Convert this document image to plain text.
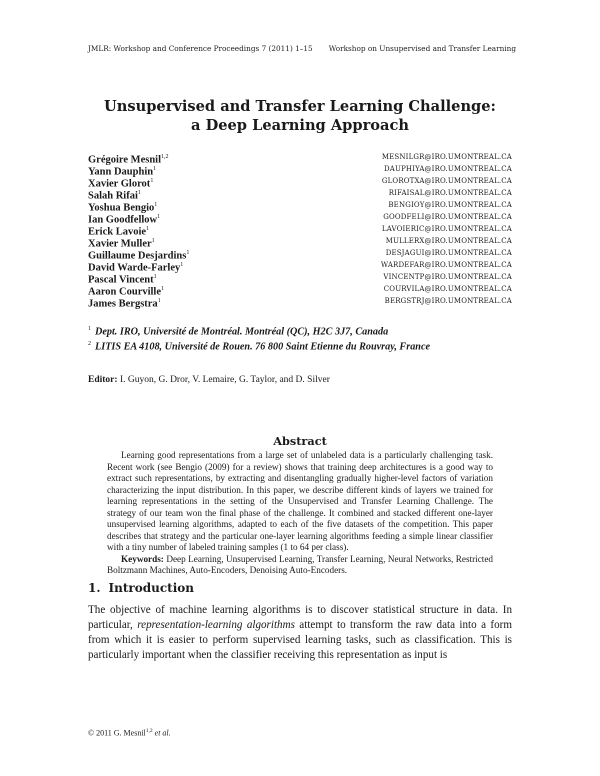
JMLR: Workshop and Conference Proceedings 7 (2011) 1–15 Workshop on Unsupervised and Transfer Learning
Unsupervised and Transfer Learning Challenge:
a Deep Learning Approach
Grégoire Mesnil$^{1,2}$	MESNILGR@IRO.UMONTREAL.CA
Yann Dauphin$^1$	DAUPHIYA@IRO.UMONTREAL.CA
Xavier Glorot$^1$	GLOROTXA@IRO.UMONTREAL.CA
Salah Rifai$^1$	RIFAISAL@IRO.UMONTREAL.CA
Yoshua Bengio$^1$	BENGIOY@IRO.UMONTREAL.CA
Ian Goodfellow$^1$	GOODFELI@IRO.UMONTREAL.CA
Erick Lavoie$^1$	LAVOIERIC@IRO.UMONTREAL.CA
Xavier Muller$^1$	MULLERX@IRO.UMONTREAL.CA
Guillaume Desjardins$^1$	DESJAGUI@IRO.UMONTREAL.CA
David Warde-Farley$^1$	WARDEFAR@IRO.UMONTREAL.CA
Pascal Vincent$^1$	VINCENTP@IRO.UMONTREAL.CA
Aaron Courville$^1$	COURVILA@IRO.UMONTREAL.CA
James Bergstra$^1$	BERGSTRJ@IRO.UMONTREAL.CA
$^1$ Dept. IRO, Université de Montréal. Montréal (QC), H2C 3J7, Canada
$^2$ LITIS EA 4108, Université de Rouen. 76 800 Saint Etienne du Rouvray, France
Editor: I. Guyon, G. Dror, V. Lemaire, G. Taylor, and D. Silver
Abstract

Learning good representations from a large set of unlabeled data is a particularly challenging task. Recent work (see Bengio (2009) for a review) shows that training deep architectures is a good way to extract such representations, by extracting and disentangling gradually higher-level factors of variation characterizing the input distribution. In this paper, we describe different kinds of layers we trained for learning representations in the setting of the Unsupervised and Transfer Learning Challenge. The strategy of our team won the final phase of the challenge. It combined and stacked different one-layer unsupervised learning algorithms, adapted to each of the five datasets of the competition. This paper describes that strategy and the particular one-layer learning algorithms feeding a simple linear classifier with a tiny number of labeled training samples (1 to 64 per class).

Keywords: Deep Learning, Unsupervised Learning, Transfer Learning, Neural Networks, Restricted Boltzmann Machines, Auto-Encoders, Denoising Auto-Encoders.

1. Introduction

The objective of machine learning algorithms is to discover statistical structure in data. In particular, representation-learning algorithms attempt to transform the raw data into a form from which it is easier to perform supervised learning tasks, such as classification. This is particularly important when the classifier receiving this representation as input is

© 2011 G. Mesnil$^{1,2}$ et al.
